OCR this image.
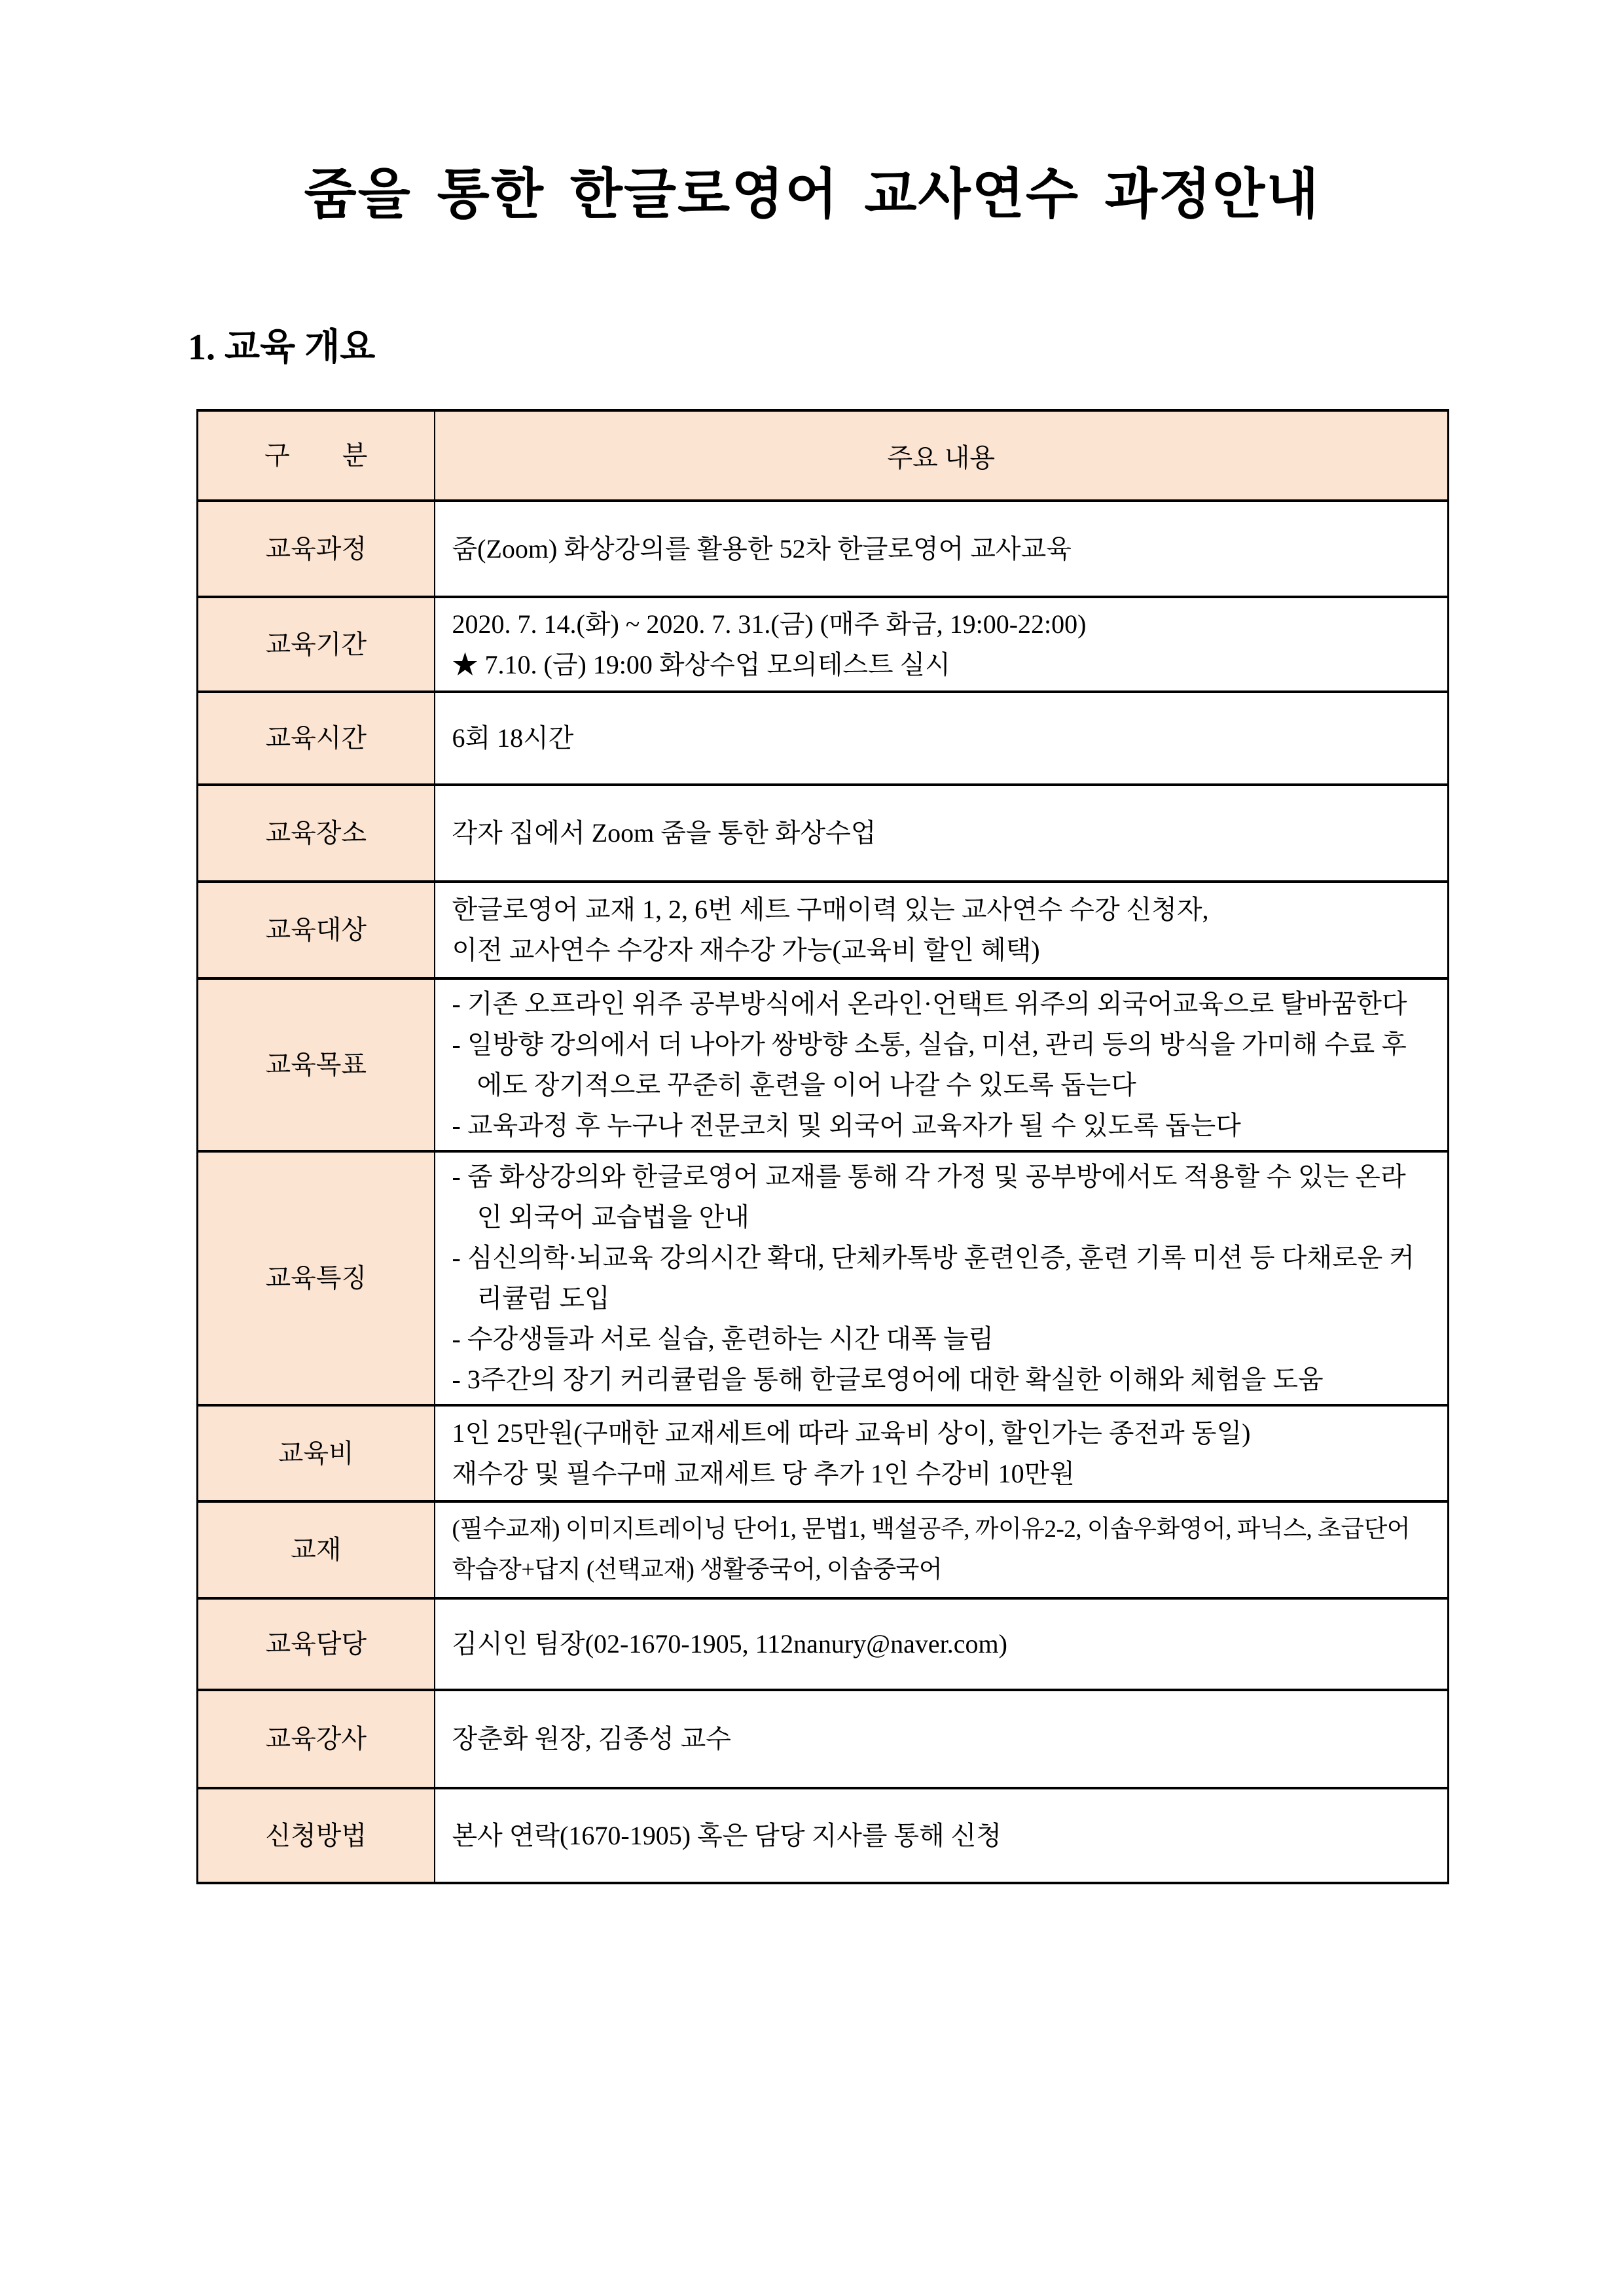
줌을 통한 한글로영어 교사연수 과정안내
1. 교육 개요
구　　분	주요 내용
교육과정	줌(Zoom) 화상강의를 활용한 52차 한글로영어 교사교육

교육기간	2020. 7. 14.(화) ~ 2020. 7. 31.(금) (매주 화금, 19:00-22:00)
★ 7.10. (금) 19:00 화상수업 모의테스트 실시

교육시간	6회 18시간

교육장소	각자 집에서 Zoom 줌을 통한 화상수업

교육대상	한글로영어 교재 1, 2, 6번 세트 구매이력 있는 교사연수 수강 신청자,
이전 교사연수 수강자 재수강 가능(교육비 할인 혜택)

교육목표	- 기존 오프라인 위주 공부방식에서 온라인·언택트 위주의 외국어교육으로 탈바꿈한다
- 일방향 강의에서 더 나아가 쌍방향 소통, 실습, 미션, 관리 등의 방식을 가미해 수료 후에도 장기적으로 꾸준히 훈련을 이어 나갈 수 있도록 돕는다
- 교육과정 후 누구나 전문코치 및 외국어 교육자가 될 수 있도록 돕는다

교육특징	- 줌 화상강의와 한글로영어 교재를 통해 각 가정 및 공부방에서도 적용할 수 있는 온라인 외국어 교습법을 안내
- 심신의학·뇌교육 강의시간 확대, 단체카톡방 훈련인증, 훈련 기록 미션 등 다채로운 커리큘럼 도입
- 수강생들과 서로 실습, 훈련하는 시간 대폭 늘림
- 3주간의 장기 커리큘럼을 통해 한글로영어에 대한 확실한 이해와 체험을 도움

교육비	1인 25만원(구매한 교재세트에 따라 교육비 상이, 할인가는 종전과 동일)
재수강 및 필수구매 교재세트 당 추가 1인 수강비 10만원

교재	(필수교재) 이미지트레이닝 단어1, 문법1, 백설공주, 까이유2-2, 이솝우화영어, 파닉스, 초급단어 학습장+답지 (선택교재) 생활중국어, 이솝중국어

교육담당	김시인 팀장(02-1670-1905, 112nanury@naver.com)

교육강사	장춘화 원장, 김종성 교수

신청방법	본사 연락(1670-1905) 혹은 담당 지사를 통해 신청
